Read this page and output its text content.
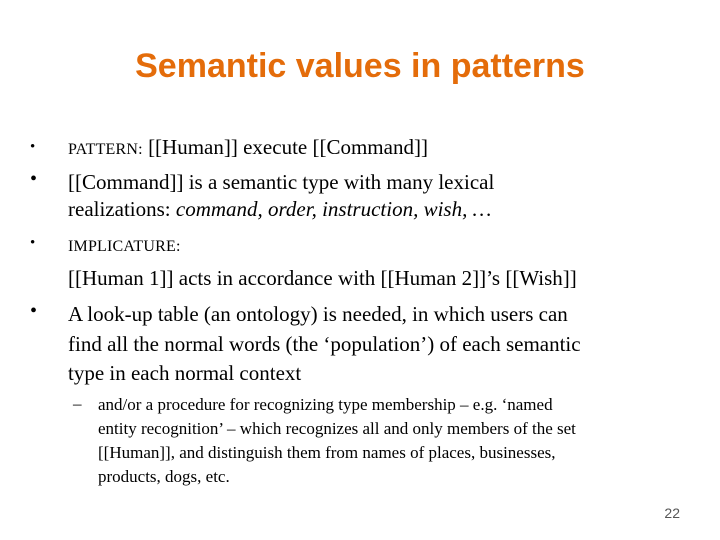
Semantic values in patterns
• PATTERN: [[Human]] execute [[Command]]
• [[Command]] is a semantic type with many lexical
realizations: command, order, instruction, wish, …
• IMPLICATURE:
[[Human 1]] acts in accordance with [[Human 2]]’s [[Wish]]
• A look-up table (an ontology) is needed, in which users can
find all the normal words (the ‘population’) of each semantic
type in each normal context
– and/or a procedure for recognizing type membership – e.g. ‘named
entity recognition’ – which recognizes all and only members of the set
[[Human]], and distinguish them from names of places, businesses,
products, dogs, etc.
22
